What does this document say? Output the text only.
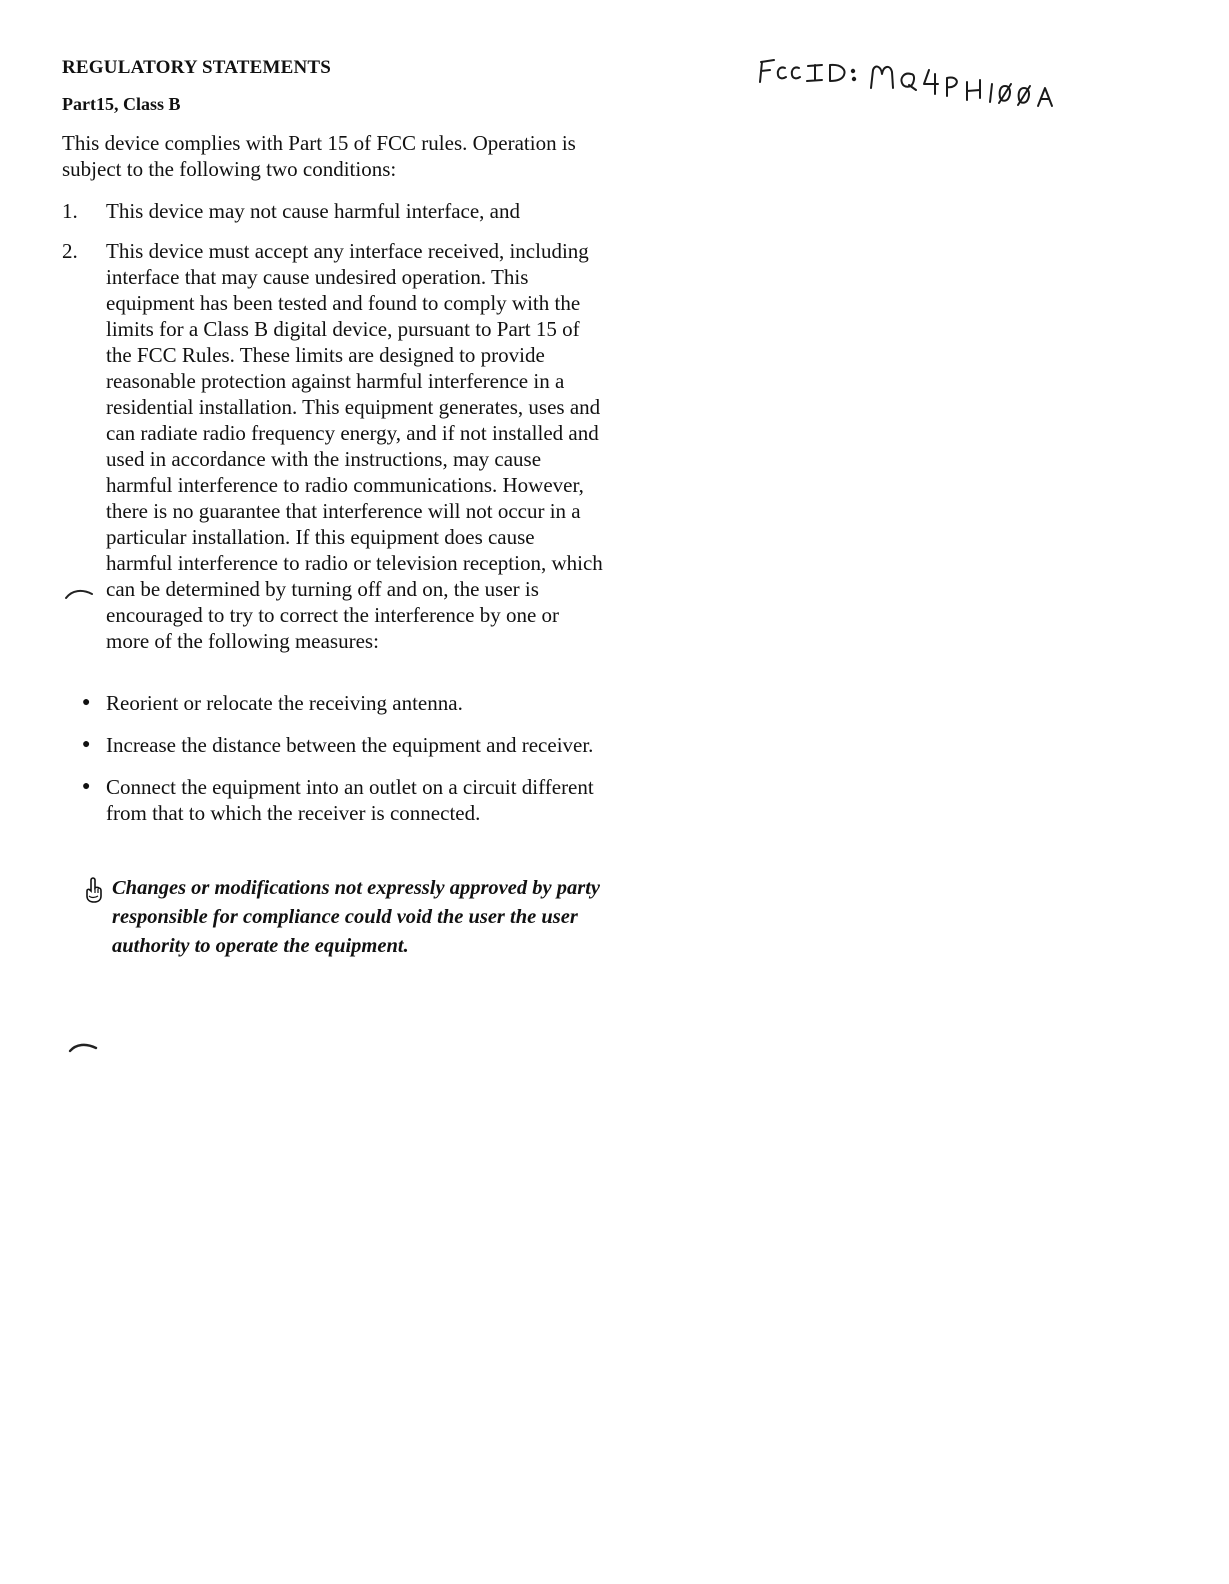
REGULATORY STATEMENTS
Part15, Class B

This device complies with Part 15 of FCC rules. Operation is subject to the following two conditions:

1.	This device may not cause harmful interface, and
2.	This device must accept any interface received, including interface that may cause undesired operation. This equipment has been tested and found to comply with the limits for a Class B digital device, pursuant to Part 15 of the FCC Rules. These limits are designed to provide reasonable protection against harmful interference in a residential installation. This equipment generates, uses and can radiate radio frequency energy, and if not installed and used in accordance with the instructions, may cause harmful interference to radio communications. However, there is no guarantee that interference will not occur in a particular installation. If this equipment does cause harmful interference to radio or television reception, which can be determined by turning off and on, the user is encouraged to try to correct the interference by one or more of the following measures:
● Reorient or relocate the receiving antenna.
● Increase the distance between the equipment and receiver.
● Connect the equipment into an outlet on a circuit different from that to which the receiver is connected.
Changes or modifications not expressly approved by party responsible for compliance could void the user the user authority to operate the equipment.
